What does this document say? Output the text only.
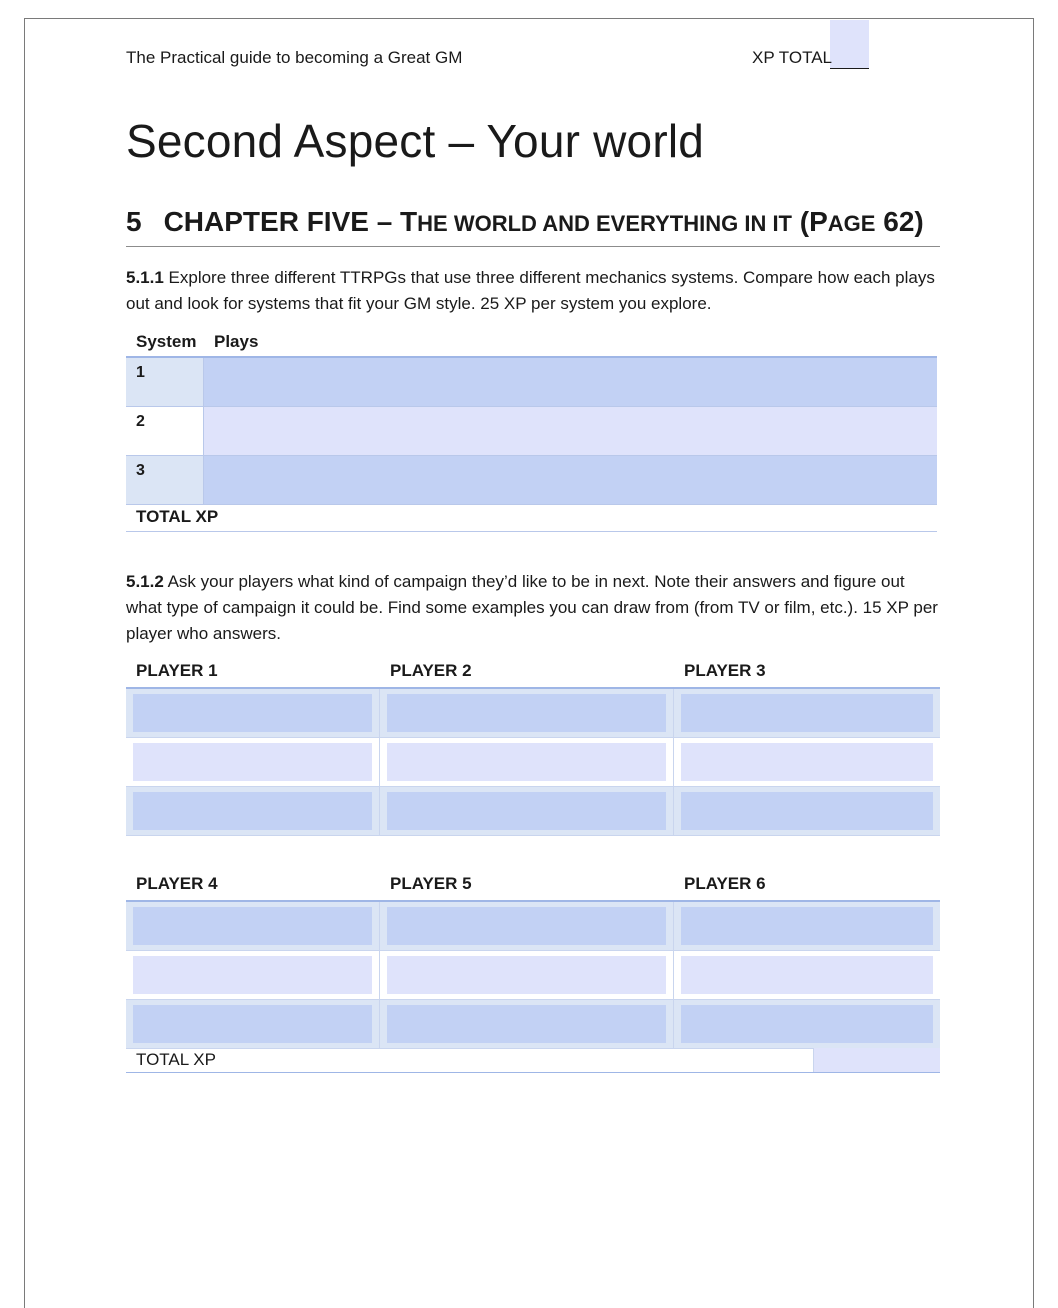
The Practical guide to becoming a Great GM	XP TOTAL
Second Aspect – Your world
5 CHAPTER FIVE – THE WORLD AND EVERYTHING IN IT (PAGE 62)

5.1.1 Explore three different TTRPGs that use three different mechanics systems. Compare how each plays out and look for systems that fit your GM style. 25 XP per system you explore.

System	Plays
1
2
3
TOTAL XP

5.1.2 Ask your players what kind of campaign they’d like to be in next. Note their answers and figure out what type of campaign it could be. Find some examples you can draw from (from TV or film, etc.). 15 XP per player who answers.

PLAYER 1	PLAYER 2	PLAYER 3
PLAYER 4	PLAYER 5	PLAYER 6
TOTAL XP
